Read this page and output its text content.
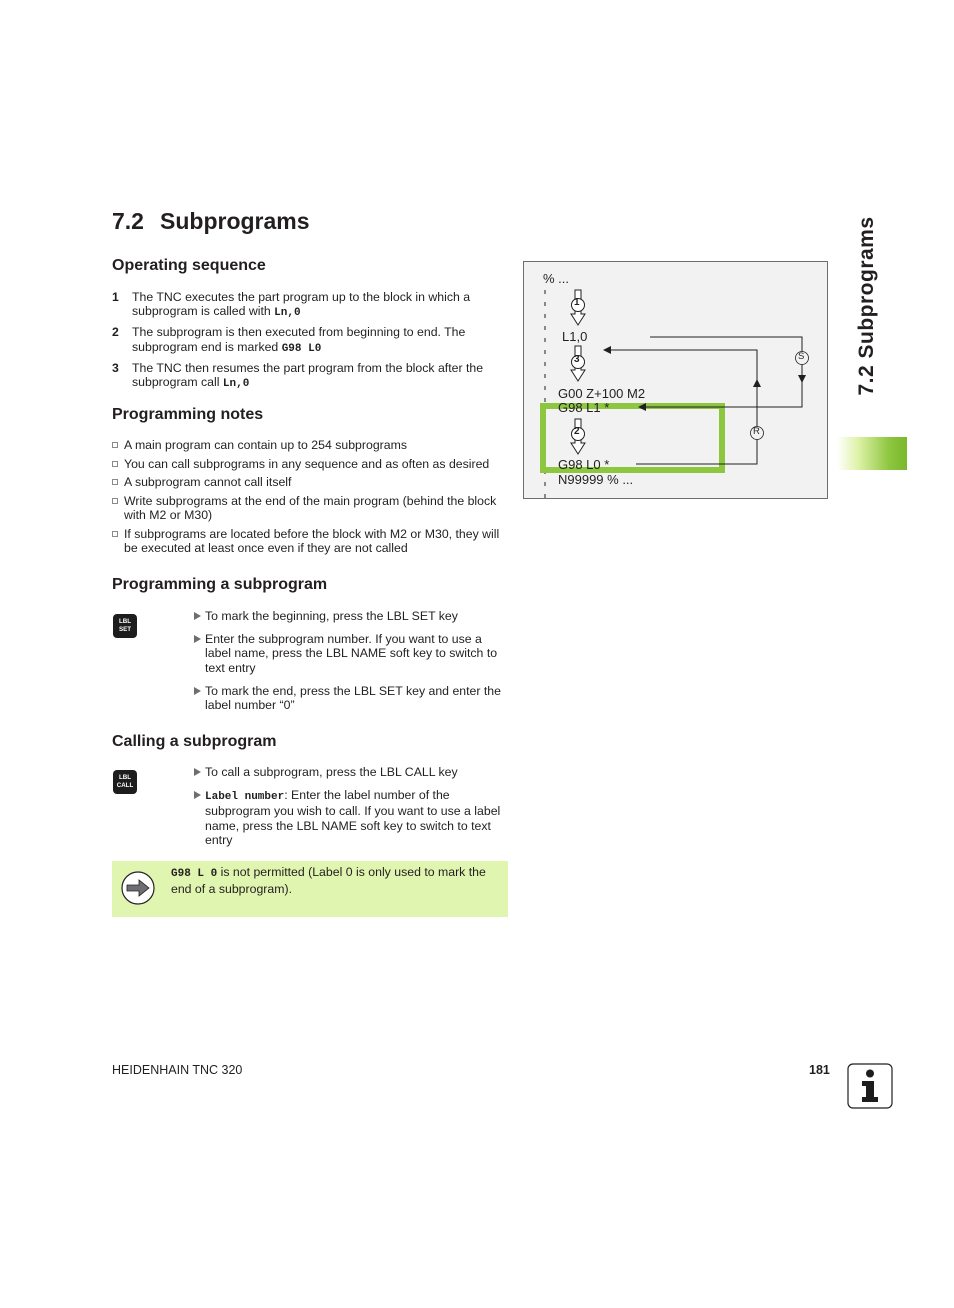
7.2 Subprograms
Operating sequence
1 The TNC executes the part program up to the block in which a subprogram is called with Ln,0
2 The subprogram is then executed from beginning to end. The subprogram end is marked G98 L0
3 The TNC then resumes the part program from the block after the subprogram call Ln,0
Programming notes
A main program can contain up to 254 subprograms
You can call subprograms in any sequence and as often as desired
A subprogram cannot call itself
Write subprograms at the end of the main program (behind the block with M2 or M30)
If subprograms are located before the block with M2 or M30, they will be executed at least once even if they are not called
Programming a subprogram
LBL
SET
To mark the beginning, press the LBL SET key
Enter the subprogram number. If you want to use a label name, press the LBL NAME soft key to switch to text entry
To mark the end, press the LBL SET key and enter the label number “0”
Calling a subprogram
LBL
CALL
To call a subprogram, press the LBL CALL key
Label number: Enter the label number of the subprogram you wish to call. If you want to use a label name, press the LBL NAME soft key to switch to text entry
G98 L 0 is not permitted (Label 0 is only used to mark the end of a subprogram).
% ...
L1,0
G00 Z+100 M2
G98 L1 *
G98 L0 *
N99999 % ...
1
3
2
S
R
7.2 Subprograms
HEIDENHAIN TNC 320	181
